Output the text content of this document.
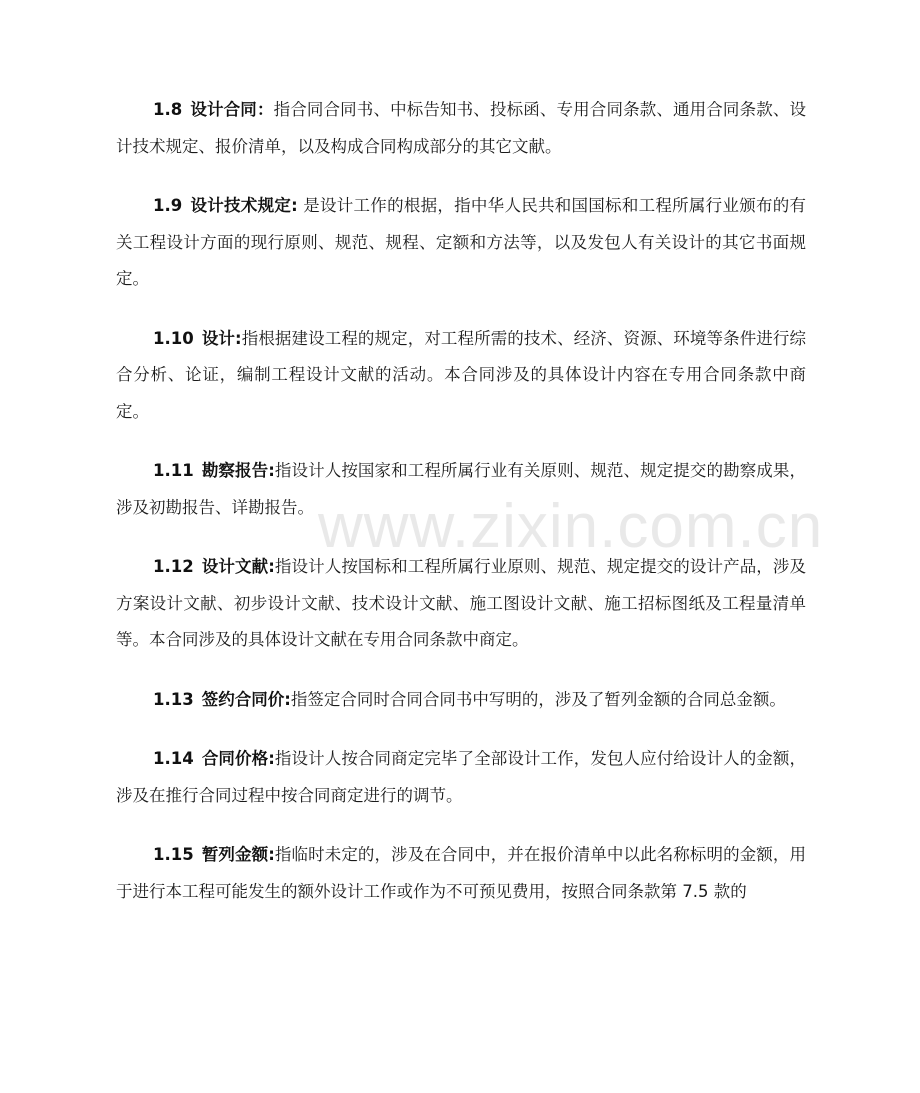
1.8 设计合同：指合同合同书、中标告知书、投标函、专用合同条款、通用合同条款、设计技术规定、报价清单，以及构成合同构成部分的其它文献。

1.9 设计技术规定: 是设计工作的根据，指中华人民共和国国标和工程所属行业颁布的有关工程设计方面的现行原则、规范、规程、定额和方法等，以及发包人有关设计的其它书面规定。

1.10 设计:指根据建设工程的规定，对工程所需的技术、经济、资源、环境等条件进行综合分析、论证，编制工程设计文献的活动。本合同涉及的具体设计内容在专用合同条款中商定。

1.11 勘察报告:指设计人按国家和工程所属行业有关原则、规范、规定提交的勘察成果，涉及初勘报告、详勘报告。

1.12 设计文献:指设计人按国标和工程所属行业原则、规范、规定提交的设计产品，涉及方案设计文献、初步设计文献、技术设计文献、施工图设计文献、施工招标图纸及工程量清单等。本合同涉及的具体设计文献在专用合同条款中商定。

1.13 签约合同价:指签定合同时合同合同书中写明的，涉及了暂列金额的合同总金额。

1.14 合同价格:指设计人按合同商定完毕了全部设计工作，发包人应付给设计人的金额，涉及在推行合同过程中按合同商定进行的调节。

1.15 暂列金额:指临时未定的，涉及在合同中，并在报价清单中以此名称标明的金额，用于进行本工程可能发生的额外设计工作或作为不可预见费用，按照合同条款第 7.5 款的

www.zixin.com.cn
